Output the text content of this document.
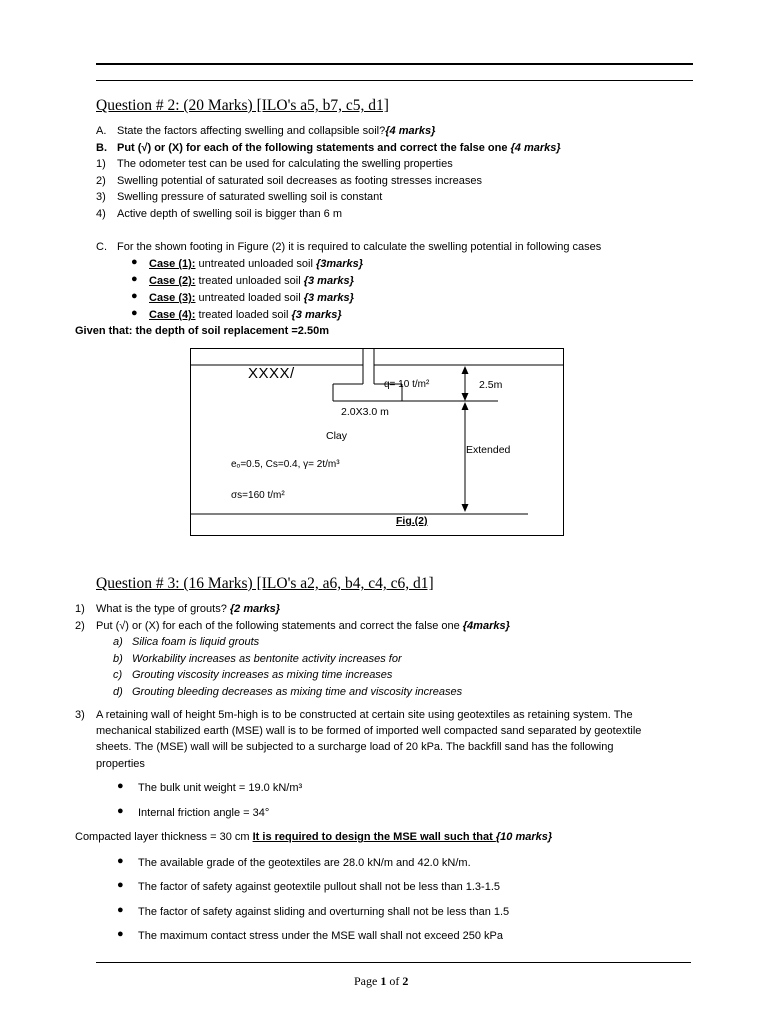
Question # 2: (20 Marks) [ILO's a5, b7, c5, d1]
A. State the factors affecting swelling and collapsible soil?{4 marks}
B. Put (√) or (X) for each of the following statements and correct the false one {4 marks}
1) The odometer test can be used for calculating the swelling properties
2) Swelling potential of saturated soil decreases as footing stresses increases
3) Swelling pressure of saturated swelling soil is constant
4) Active depth of swelling soil is bigger than 6 m
C. For the shown footing in Figure (2) it is required to calculate the swelling potential in following cases
● Case (1): untreated unloaded soil {3marks}
● Case (2): treated unloaded soil {3 marks}
● Case (3): untreated loaded soil {3 marks}
● Case (4): treated loaded soil {3 marks}
Given that: the depth of soil replacement =2.50m
XXXX/
q= 10 t/m²	2.5m
2.0X3.0 m
Clay
Extended
eₒ=0.5, Cs=0.4, γ= 2t/m³
σs=160 t/m²
Fig.(2)
Question # 3: (16 Marks) [ILO's a2, a6, b4, c4, c6, d1]
1) What is the type of grouts? {2 marks}
2) Put (√) or (X) for each of the following statements and correct the false one {4marks}
a) Silica foam is liquid grouts
b) Workability increases as bentonite activity increases for
c) Grouting viscosity increases as mixing time increases
d) Grouting bleeding decreases as mixing time and viscosity increases
3) A retaining wall of height 5m-high is to be constructed at certain site using geotextiles as retaining system. The
mechanical stabilized earth (MSE) wall is to be formed of imported well compacted sand separated by geotextile
sheets. The (MSE) wall will be subjected to a surcharge load of 20 kPa. The backfill sand has the following
properties
● The bulk unit weight = 19.0 kN/m³
● Internal friction angle = 34°
Compacted layer thickness = 30 cm It is required to design the MSE wall such that {10 marks}
● The available grade of the geotextiles are 28.0 kN/m and 42.0 kN/m.
● The factor of safety against geotextile pullout shall not be less than 1.3-1.5
● The factor of safety against sliding and overturning shall not be less than 1.5
● The maximum contact stress under the MSE wall shall not exceed 250 kPa
Page 1 of 2
